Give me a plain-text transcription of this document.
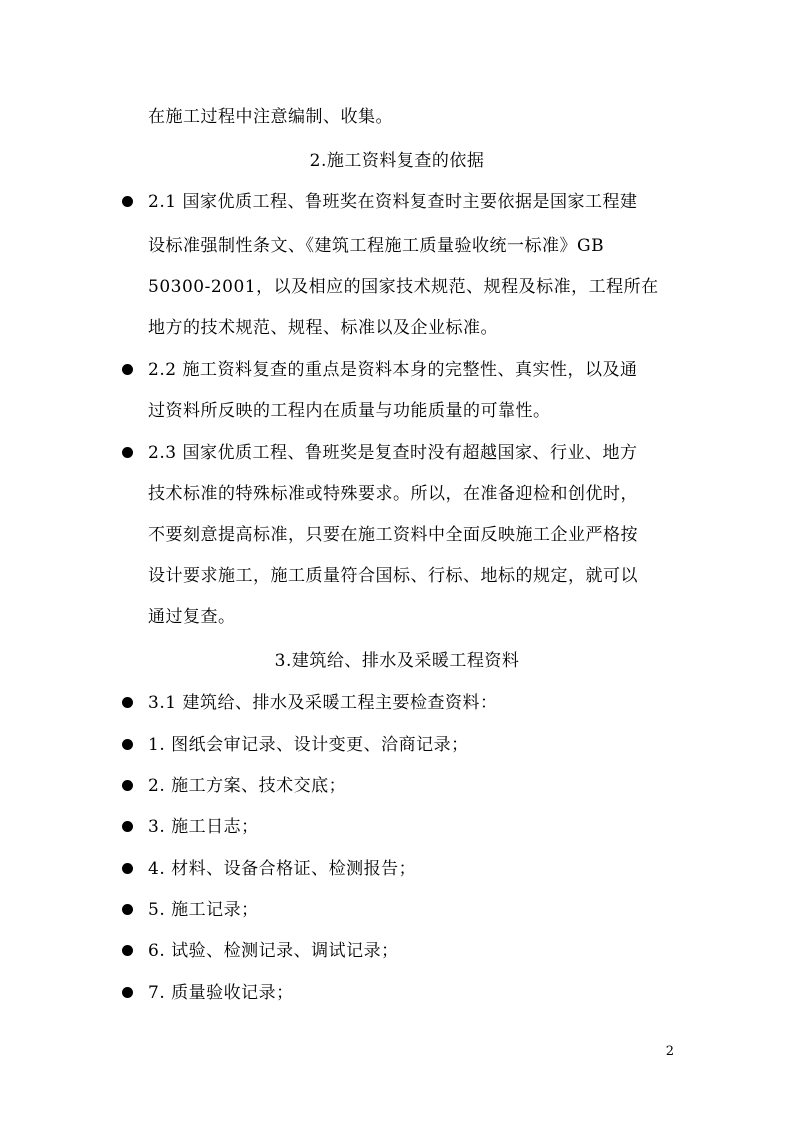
在施工过程中注意编制、收集。
2.施工资料复查的依据
2.1 国家优质工程、鲁班奖在资料复查时主要依据是国家工程建
设标准强制性条文、《建筑工程施工质量验收统一标准》GB
50300-2001，以及相应的国家技术规范、规程及标准，工程所在
地方的技术规范、规程、标准以及企业标准。
2.2 施工资料复查的重点是资料本身的完整性、真实性，以及通
过资料所反映的工程内在质量与功能质量的可靠性。
2.3 国家优质工程、鲁班奖是复查时没有超越国家、行业、地方
技术标准的特殊标准或特殊要求。所以，在准备迎检和创优时，
不要刻意提高标准，只要在施工资料中全面反映施工企业严格按
设计要求施工，施工质量符合国标、行标、地标的规定，就可以
通过复查。
3.建筑给、排水及采暖工程资料
3.1 建筑给、排水及采暖工程主要检查资料：
1. 图纸会审记录、设计变更、洽商记录；
2. 施工方案、技术交底；
3. 施工日志；
4. 材料、设备合格证、检测报告；
5. 施工记录；
6. 试验、检测记录、调试记录；
7. 质量验收记录；
2
